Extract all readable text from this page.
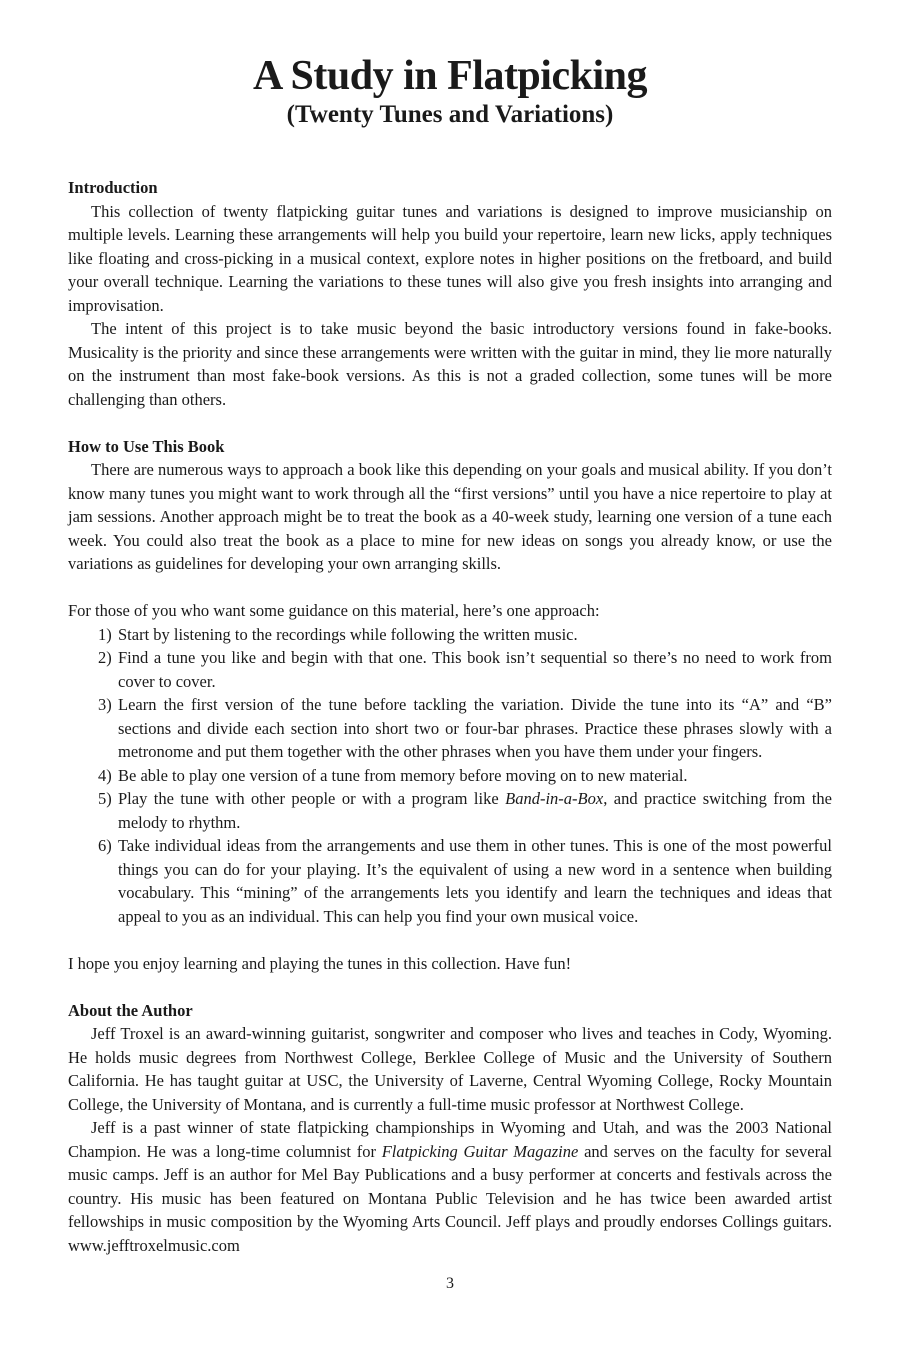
A Study in Flatpicking
(Twenty Tunes and Variations)
Introduction

This collection of twenty flatpicking guitar tunes and variations is designed to improve musicianship on multiple levels. Learning these arrangements will help you build your repertoire, learn new licks, apply techniques like floating and cross-picking in a musical context, explore notes in higher positions on the fretboard, and build your overall technique. Learning the variations to these tunes will also give you fresh insights into arranging and improvisation.

The intent of this project is to take music beyond the basic introductory versions found in fake-books. Musicality is the priority and since these arrangements were written with the guitar in mind, they lie more naturally on the instrument than most fake-book versions. As this is not a graded collection, some tunes will be more challenging than others.

How to Use This Book

There are numerous ways to approach a book like this depending on your goals and musical ability. If you don’t know many tunes you might want to work through all the “first versions” until you have a nice repertoire to play at jam sessions. Another approach might be to treat the book as a 40-week study, learning one version of a tune each week. You could also treat the book as a place to mine for new ideas on songs you already know, or use the variations as guidelines for developing your own arranging skills.

For those of you who want some guidance on this material, here’s one approach:

1) Start by listening to the recordings while following the written music.
2) Find a tune you like and begin with that one. This book isn’t sequential so there’s no need to work from cover to cover.
3) Learn the first version of the tune before tackling the variation. Divide the tune into its “A” and “B” sections and divide each section into short two or four-bar phrases. Practice these phrases slowly with a metronome and put them together with the other phrases when you have them under your fingers.
4) Be able to play one version of a tune from memory before moving on to new material.
5) Play the tune with other people or with a program like Band-in-a-Box, and practice switching from the melody to rhythm.
6) Take individual ideas from the arrangements and use them in other tunes. This is one of the most powerful things you can do for your playing. It’s the equivalent of using a new word in a sentence when building vocabulary. This “mining” of the arrangements lets you identify and learn the techniques and ideas that appeal to you as an individual. This can help you find your own musical voice.

I hope you enjoy learning and playing the tunes in this collection. Have fun!

About the Author

Jeff Troxel is an award-winning guitarist, songwriter and composer who lives and teaches in Cody, Wyoming. He holds music degrees from Northwest College, Berklee College of Music and the University of Southern California. He has taught guitar at USC, the University of Laverne, Central Wyoming College, Rocky Mountain College, the University of Montana, and is currently a full-time music professor at Northwest College.

Jeff is a past winner of state flatpicking championships in Wyoming and Utah, and was the 2003 National Champion. He was a long-time columnist for Flatpicking Guitar Magazine and serves on the faculty for several music camps. Jeff is an author for Mel Bay Publications and a busy performer at concerts and festivals across the country. His music has been featured on Montana Public Television and he has twice been awarded artist fellowships in music composition by the Wyoming Arts Council. Jeff plays and proudly endorses Collings guitars. www.jefftroxelmusic.com

3
